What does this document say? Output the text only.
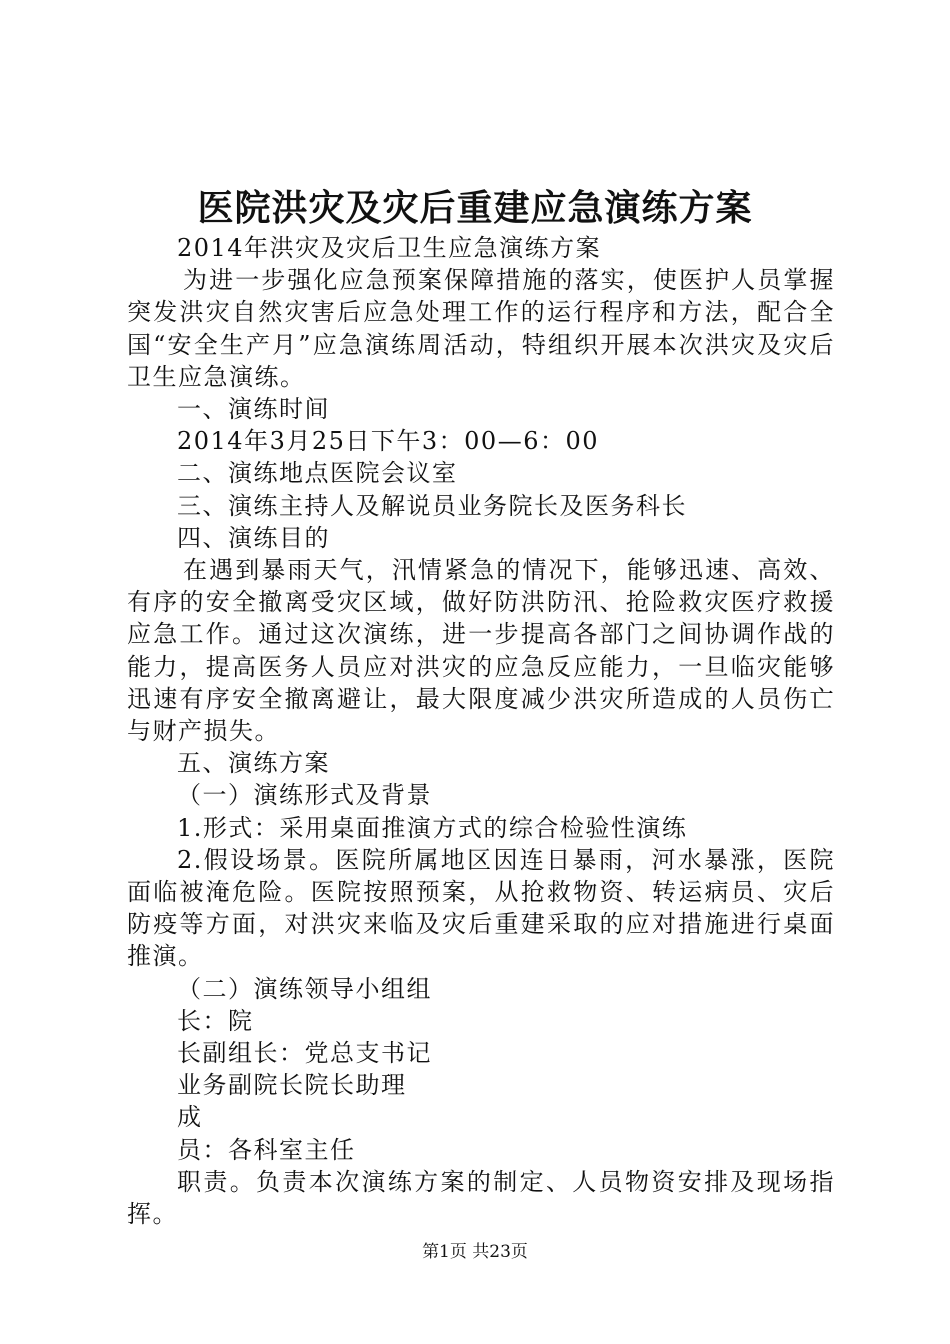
医院洪灾及灾后重建应急演练方案

2014年洪灾及灾后卫生应急演练方案

为进一步强化应急预案保障措施的落实，使医护人员掌握突发洪灾自然灾害后应急处理工作的运行程序和方法，配合全国“安全生产月”应急演练周活动，特组织开展本次洪灾及灾后卫生应急演练。

一、演练时间

2014年3月25日下午3：00—6：00

二、演练地点医院会议室

三、演练主持人及解说员业务院长及医务科长

四、演练目的

在遇到暴雨天气，汛情紧急的情况下，能够迅速、高效、有序的安全撤离受灾区域，做好防洪防汛、抢险救灾医疗救援应急工作。通过这次演练，进一步提高各部门之间协调作战的能力，提高医务人员应对洪灾的应急反应能力，一旦临灾能够迅速有序安全撤离避让，最大限度减少洪灾所造成的人员伤亡与财产损失。

五、演练方案

（一）演练形式及背景

1.形式：采用桌面推演方式的综合检验性演练

2.假设场景。医院所属地区因连日暴雨，河水暴涨，医院面临被淹危险。医院按照预案，从抢救物资、转运病员、灾后防疫等方面，对洪灾来临及灾后重建采取的应对措施进行桌面推演。

（二）演练领导小组组

长：院

长副组长：党总支书记

业务副院长院长助理

成

员：各科室主任

职责。负责本次演练方案的制定、人员物资安排及现场指挥。

第1页 共23页
